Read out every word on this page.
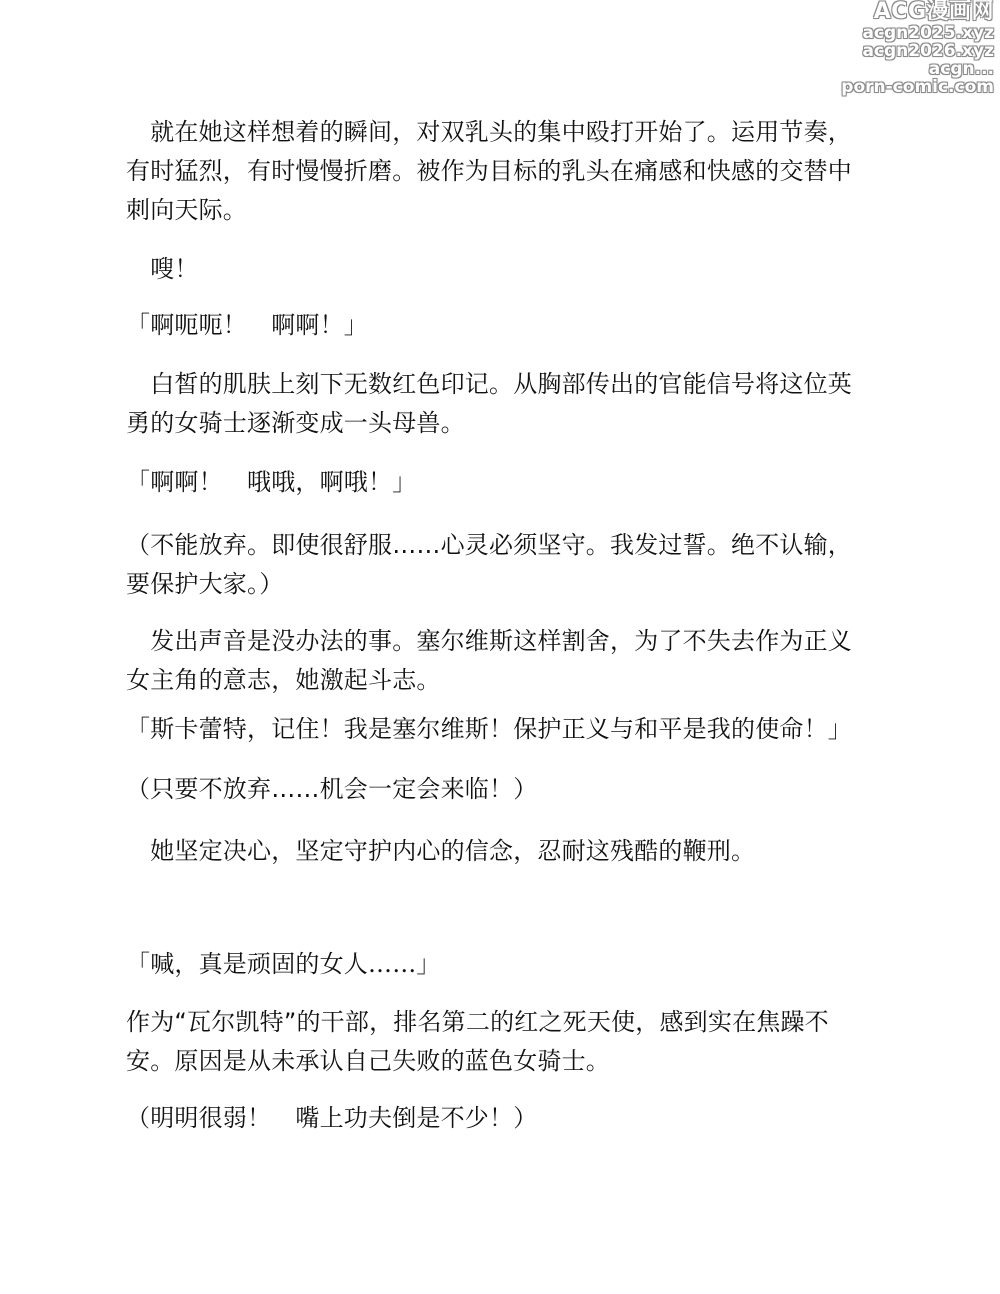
ACG漫画网
acgn2025.xyz
acgn2026.xyz
acgn...
porn-comic.com

　就在她这样想着的瞬间，对双乳头的集中殴打开始了。运用节奏，有时猛烈，有时慢慢折磨。被作为目标的乳头在痛感和快感的交替中刺向天际。

　嗖！

「啊呃呃！　啊啊！」

　白皙的肌肤上刻下无数红色印记。从胸部传出的官能信号将这位英勇的女骑士逐渐变成一头母兽。

「啊啊！　哦哦，啊哦！」

（不能放弃。即使很舒服……心灵必须坚守。我发过誓。绝不认输，要保护大家。）

　发出声音是没办法的事。塞尔维斯这样割舍，为了不失去作为正义女主角的意志，她激起斗志。

「斯卡蕾特，记住！我是塞尔维斯！保护正义与和平是我的使命！」

（只要不放弃……机会一定会来临！）

　她坚定决心，坚定守护内心的信念，忍耐这残酷的鞭刑。

「喊，真是顽固的女人……」

作为“瓦尔凯特”的干部，排名第二的红之死天使，感到实在焦躁不安。原因是从未承认自己失败的蓝色女骑士。

（明明很弱！　嘴上功夫倒是不少！）
